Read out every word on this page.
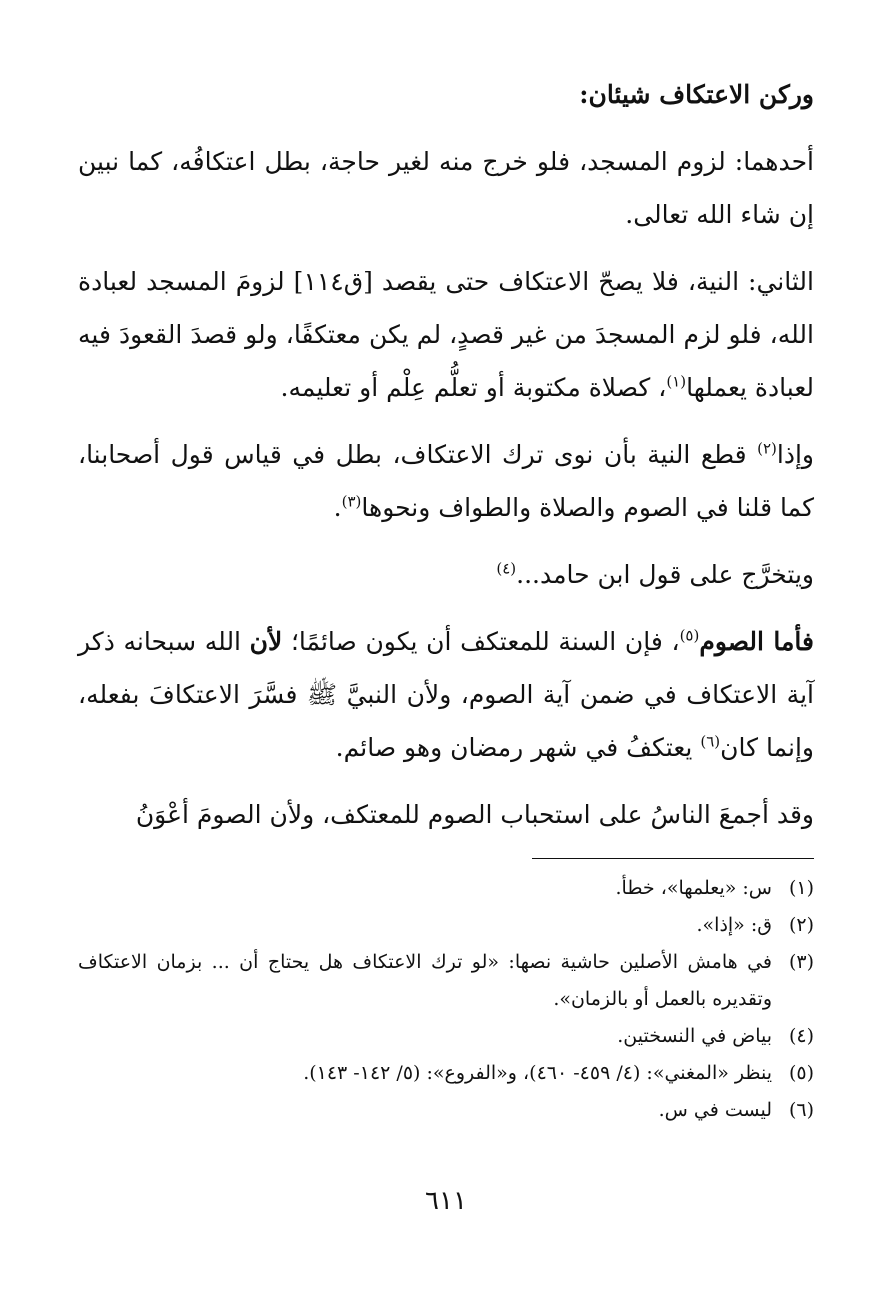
وركن الاعتكاف شيئان:
أحدهما: لزوم المسجد، فلو خرج منه لغير حاجة، بطل اعتكافُه، كما نبين إن شاء الله تعالى.
الثاني: النية، فلا يصحّ الاعتكاف حتى يقصد [ق١١٤] لزومَ المسجد لعبادة الله، فلو لزم المسجدَ من غير قصدٍ، لم يكن معتكفًا، ولو قصدَ القعودَ فيه لعبادة يعملها$^{(١)}$، كصلاة مكتوبة أو تعلُّم عِلْم أو تعليمه.
وإذا$^{(٢)}$ قطع النية بأن نوى ترك الاعتكاف، بطل في قياس قول أصحابنا، كما قلنا في الصوم والصلاة والطواف ونحوها$^{(٣)}$.
ويتخرَّج على قول ابن حامد...$^{(٤)}$
فأما الصوم$^{(٥)}$، فإن السنة للمعتكف أن يكون صائمًا؛ لأن الله سبحانه ذكر آية الاعتكاف في ضمن آية الصوم، ولأن النبيَّ ﷺ فسَّرَ الاعتكافَ بفعله، وإنما كان$^{(٦)}$ يعتكفُ في شهر رمضان وهو صائم.
وقد أجمعَ الناسُ على استحباب الصوم للمعتكف، ولأن الصومَ أعْوَنُ
(١)
س: «يعلمها»، خطأ.
(٢)
ق: «إذا».
(٣)
في هامش الأصلين حاشية نصها: «لو ترك الاعتكاف هل يحتاج أن ... بزمان الاعتكاف وتقديره بالعمل أو بالزمان».
(٤)
بياض في النسختين.
(٥)
ينظر «المغني»: (٤/ ٤٥٩- ٤٦٠)، و«الفروع»: (٥/ ١٤٢- ١٤٣).
(٦)
ليست في س.
٦١١
